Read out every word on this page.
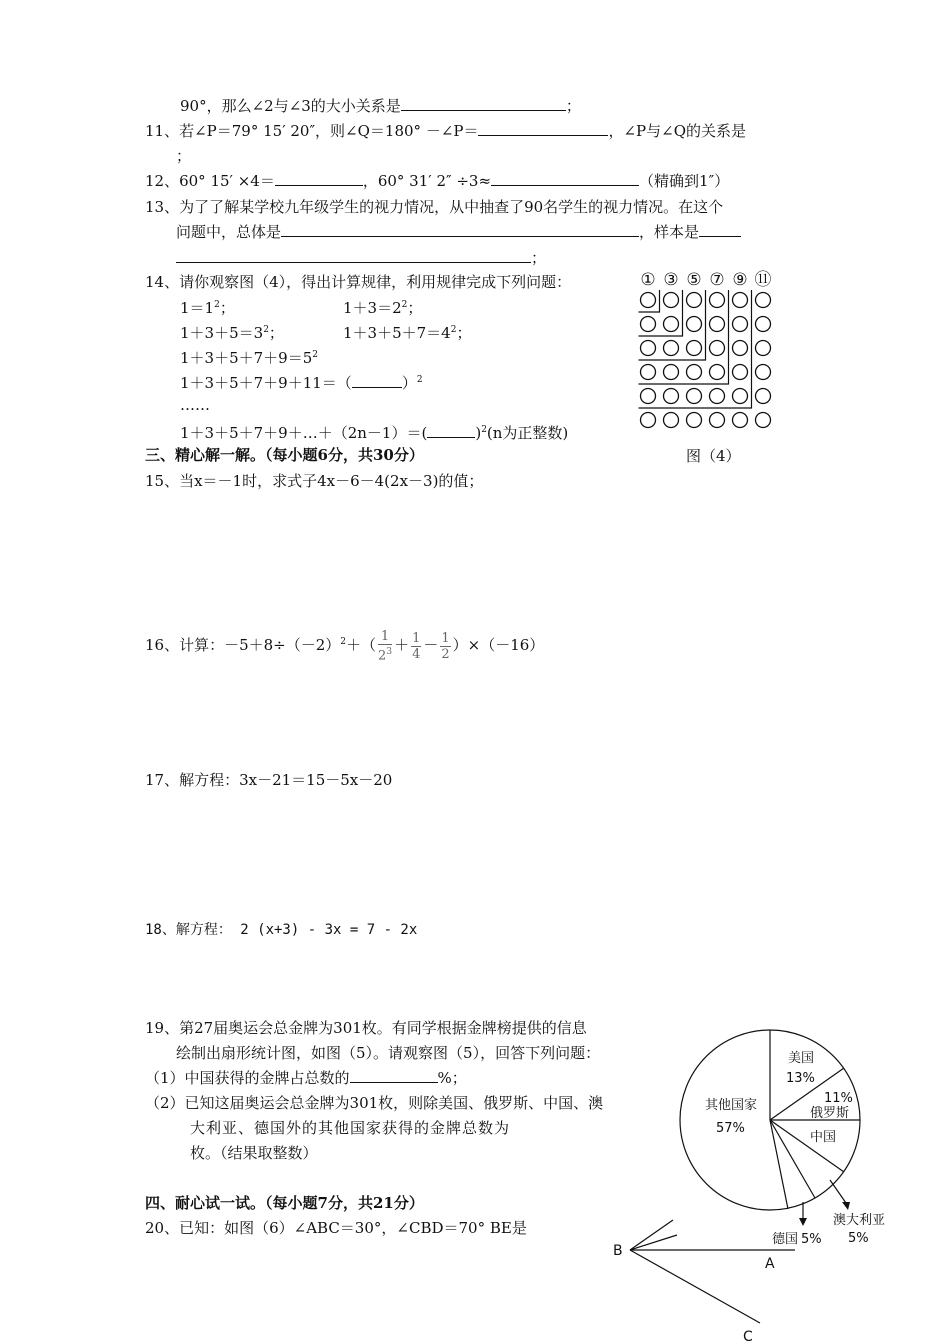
90°，那么∠2与∠3的大小关系是	；
11、若∠P＝79° 15′ 20″，则∠Q＝180° －∠P＝	，∠P与∠Q的关系是
；
12、60° 15′ ×4＝	，60° 31′ 2″ ÷3≈	（精确到1″）
13、为了了解某学校九年级学生的视力情况，从中抽查了90名学生的视力情况。在这个
问题中，总体是	，样本是
；
14、请你观察图（4），得出计算规律，利用规律完成下列问题：
$1=1^2$；	$1+3=2^2$；
$1+3+5=3^2$；	$1+3+5+7=4^2$；
$1+3+5+7+9=5^2$
1＋3＋5＋7＋9＋11＝（	）$^2$
……
1＋3＋5＋7＋9＋…＋（2n－1）＝(	)$^2$(n为正整数)
① ③ ⑤ ⑦ ⑨ ⑪
图（4）
三、精心解一解。（每小题6分，共30分）
15、当x＝－1时，求式子4x－6－4(2x－3)的值；
16、计算：$-5+8\div(-2)^2+( \frac{1}{2^3} + \frac{1}{4} - \frac{1}{2} )\times(-16)$
17、解方程：3x－21＝15－5x－20
18、解方程： 2 (x+3) - 3x = 7 - 2x
19、第27届奥运会总金牌为301枚。有同学根据金牌榜提供的信息
绘制出扇形统计图，如图（5）。请观察图（5），回答下列问题：
（1）中国获得的金牌占总数的	%；
（2）已知这届奥运会总金牌为301枚，则除美国、俄罗斯、中国、澳
大利亚、德国外的其他国家获得的金牌总数为
枚。（结果取整数）
美国
13%
11%
俄罗斯
中国
其他国家
57%
澳大利亚
5%
德国 5%
四、耐心试一试。（每小题7分，共21分）
20、已知：如图（6）∠ABC＝30°，∠CBD＝70° BE是
B
A
C
